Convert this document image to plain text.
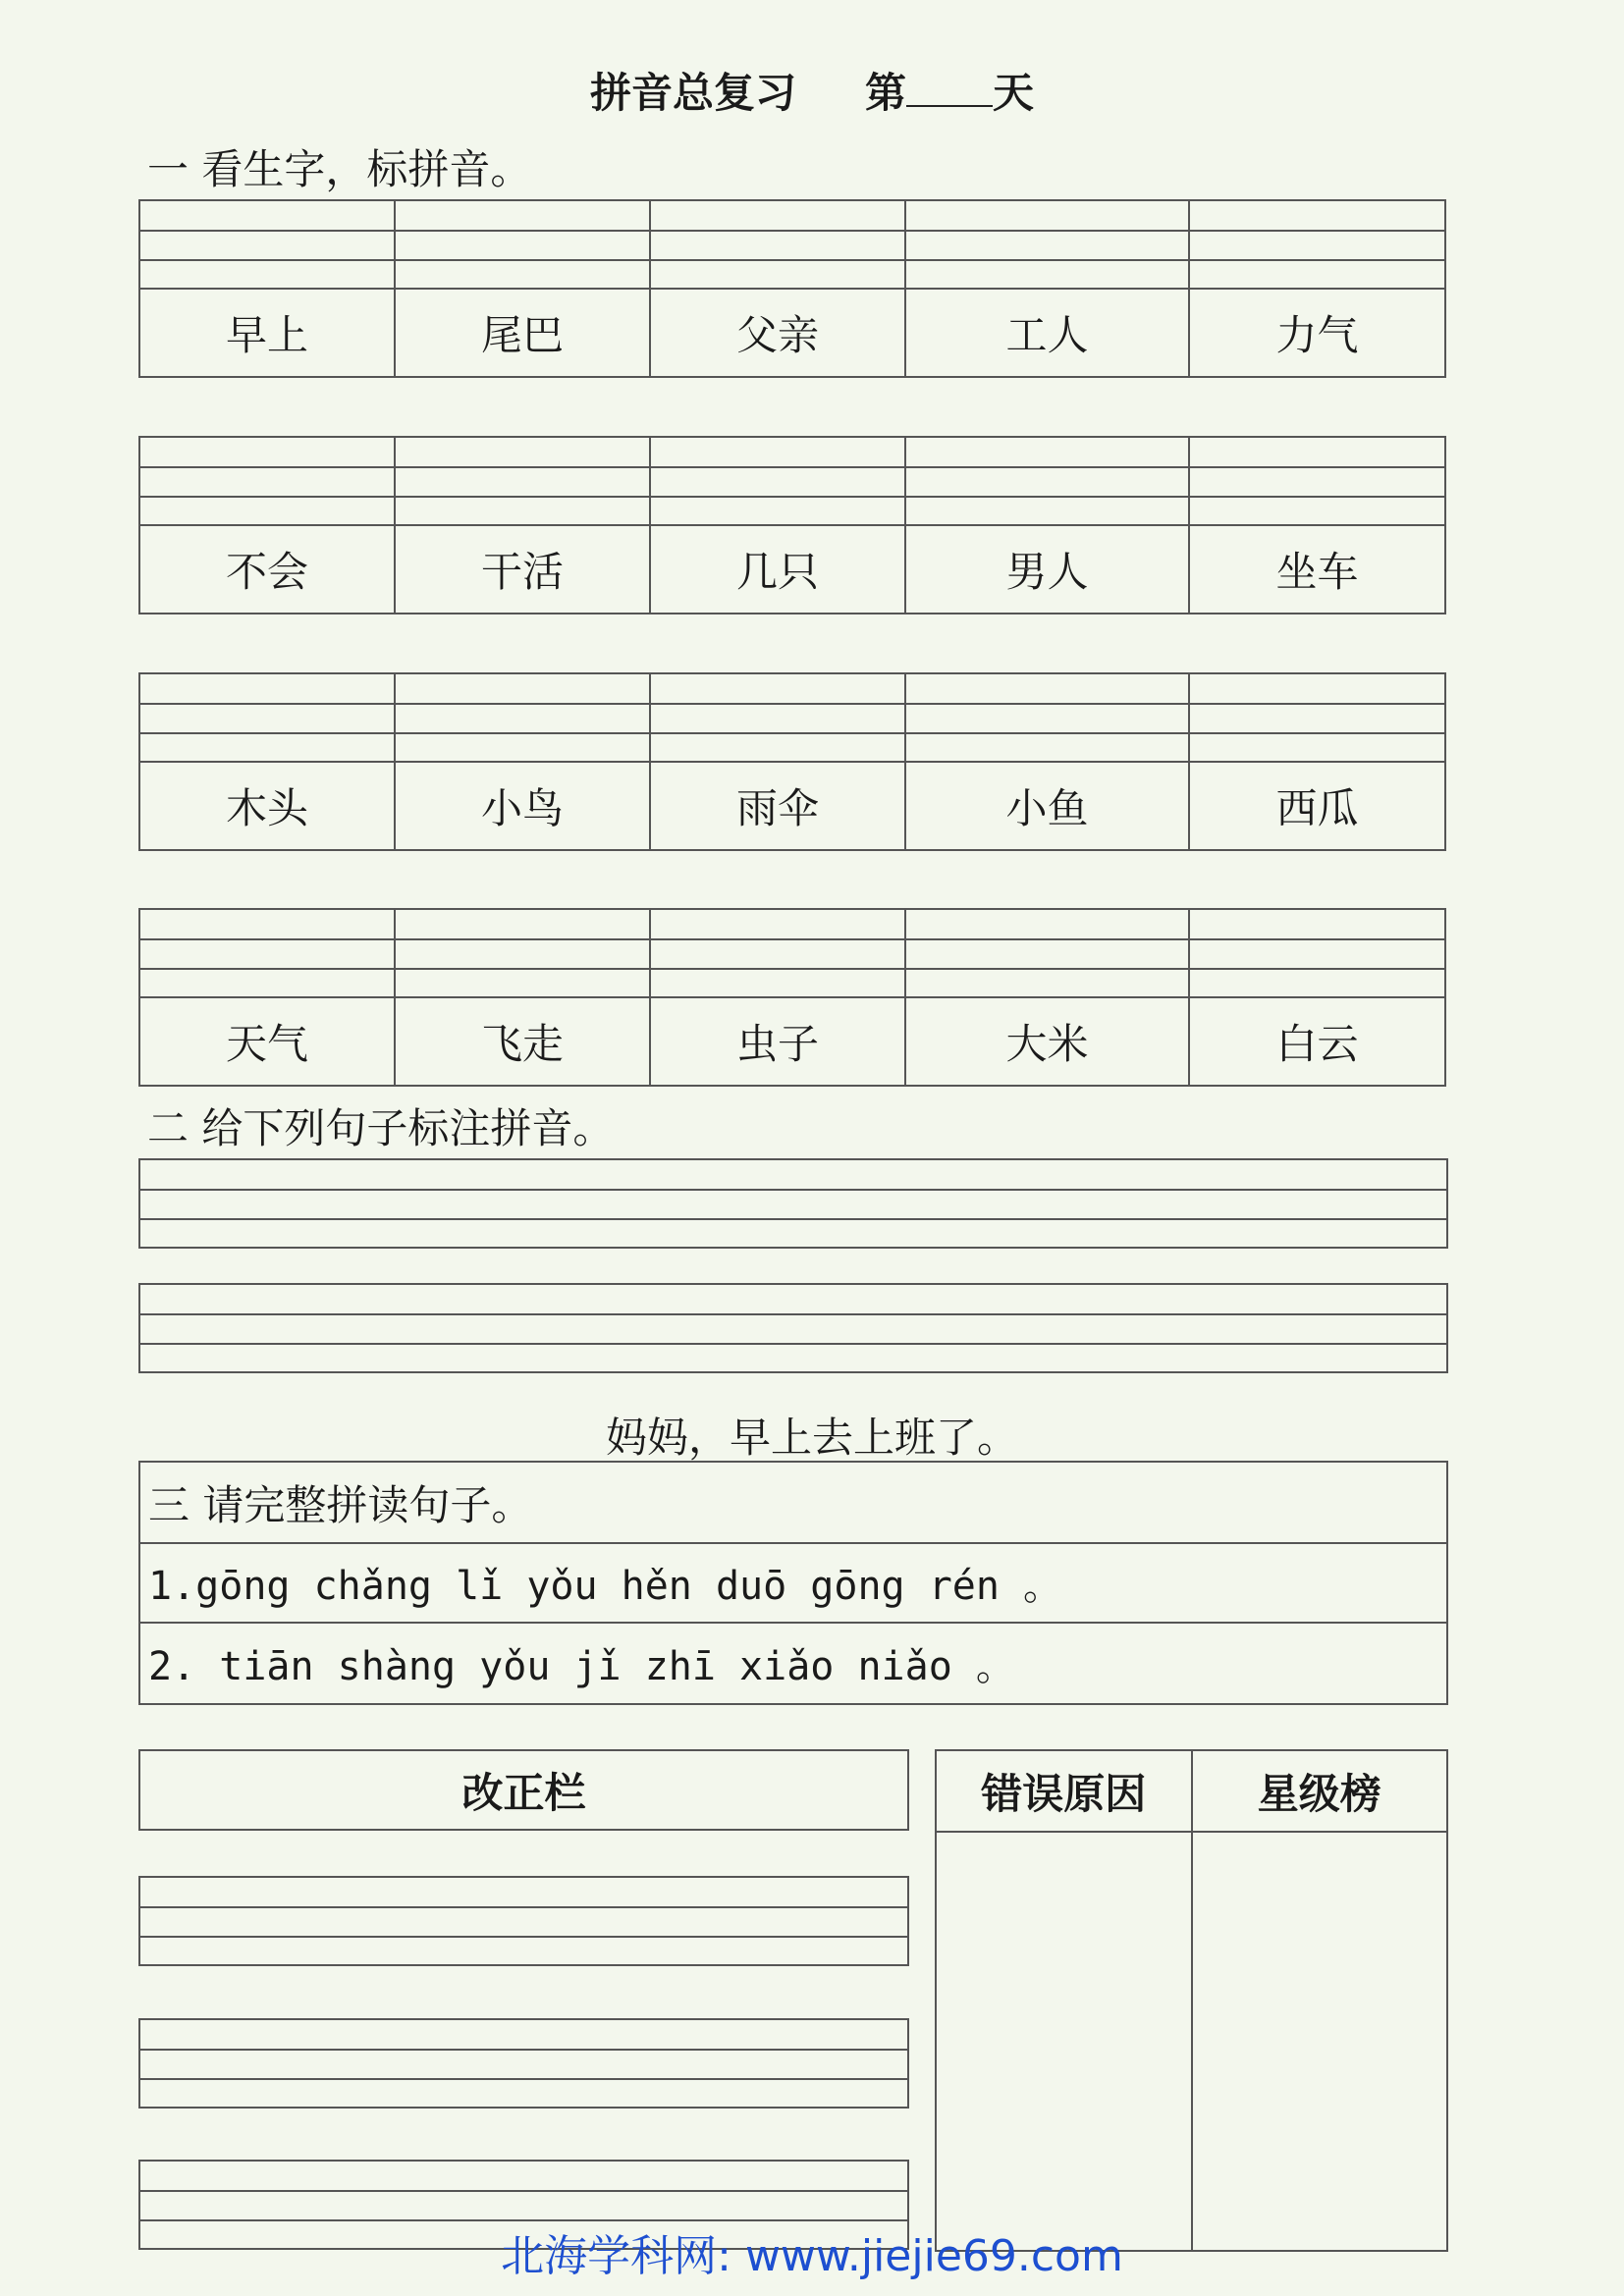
拼音总复习 第 天
一 看生字，标拼音。
早上	尾巴	父亲	工人	力气
不会	干活	几只	男人	坐车
木头	小鸟	雨伞	小鱼	西瓜
天气	飞走	虫子	大米	白云
二 给下列句子标注拼音。
妈妈，早上去上班了。
三 请完整拼读句子。
1.gōng chǎng lǐ yǒu hěn duō gōng rén 。
2. tiān shàng yǒu jǐ zhī xiǎo niǎo 。
改正栏	错误原因	星级榜
北海学科网: www.jiejie69.com
